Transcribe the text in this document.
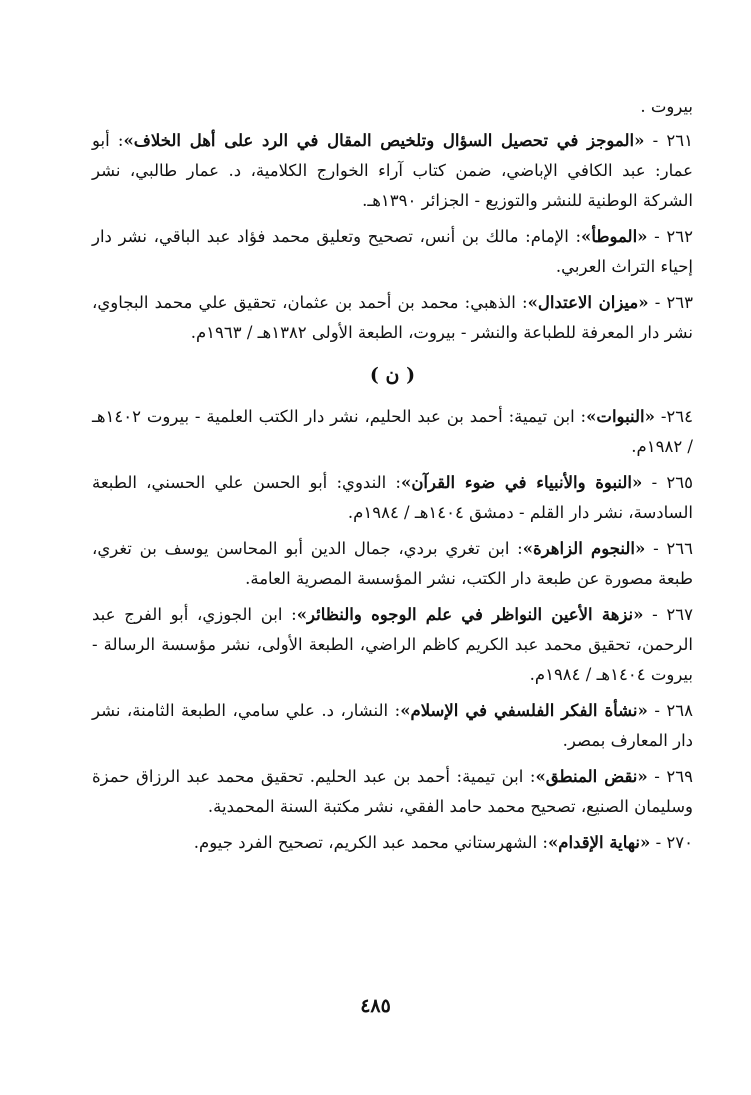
بيروت .

٢٦١ - «الموجز في تحصيل السؤال وتلخيص المقال في الرد على أهل الخلاف»: أبو عمار: عبد الكافي الإباضي، ضمن كتاب آراء الخوارج الكلامية، د. عمار طالبي، نشر الشركة الوطنية للنشر والتوزيع - الجزائر ١٣٩٠هـ.

٢٦٢ - «الموطأ»: الإمام: مالك بن أنس، تصحيح وتعليق محمد فؤاد عبد الباقي، نشر دار إحياء التراث العربي.

٢٦٣ - «ميزان الاعتدال»: الذهبي: محمد بن أحمد بن عثمان، تحقيق علي محمد البجاوي، نشر دار المعرفة للطباعة والنشر - بيروت، الطبعة الأولى ١٣٨٢هـ / ١٩٦٣م.

( ن )

٢٦٤- «النبوات»: ابن تيمية: أحمد بن عبد الحليم، نشر دار الكتب العلمية - بيروت ١٤٠٢هـ / ١٩٨٢م.

٢٦٥ - «النبوة والأنبياء في ضوء القرآن»: الندوي: أبو الحسن علي الحسني، الطبعة السادسة، نشر دار القلم - دمشق ١٤٠٤هـ / ١٩٨٤م.

٢٦٦ - «النجوم الزاهرة»: ابن تغري بردي، جمال الدين أبو المحاسن يوسف بن تغري، طبعة مصورة عن طبعة دار الكتب، نشر المؤسسة المصرية العامة.

٢٦٧ - «نزهة الأعين النواظر في علم الوجوه والنظائر»: ابن الجوزي، أبو الفرج عبد الرحمن، تحقيق محمد عبد الكريم كاظم الراضي، الطبعة الأولى، نشر مؤسسة الرسالة - بيروت ١٤٠٤هـ / ١٩٨٤م.

٢٦٨ - «نشأة الفكر الفلسفي في الإسلام»: النشار، د. علي سامي، الطبعة الثامنة، نشر دار المعارف بمصر.

٢٦٩ - «نقض المنطق»: ابن تيمية: أحمد بن عبد الحليم. تحقيق محمد عبد الرزاق حمزة وسليمان الصنيع، تصحيح محمد حامد الفقي، نشر مكتبة السنة المحمدية.

٢٧٠ - «نهاية الإقدام»: الشهرستاني محمد عبد الكريم، تصحيح الفرد جيوم.

٤٨٥
